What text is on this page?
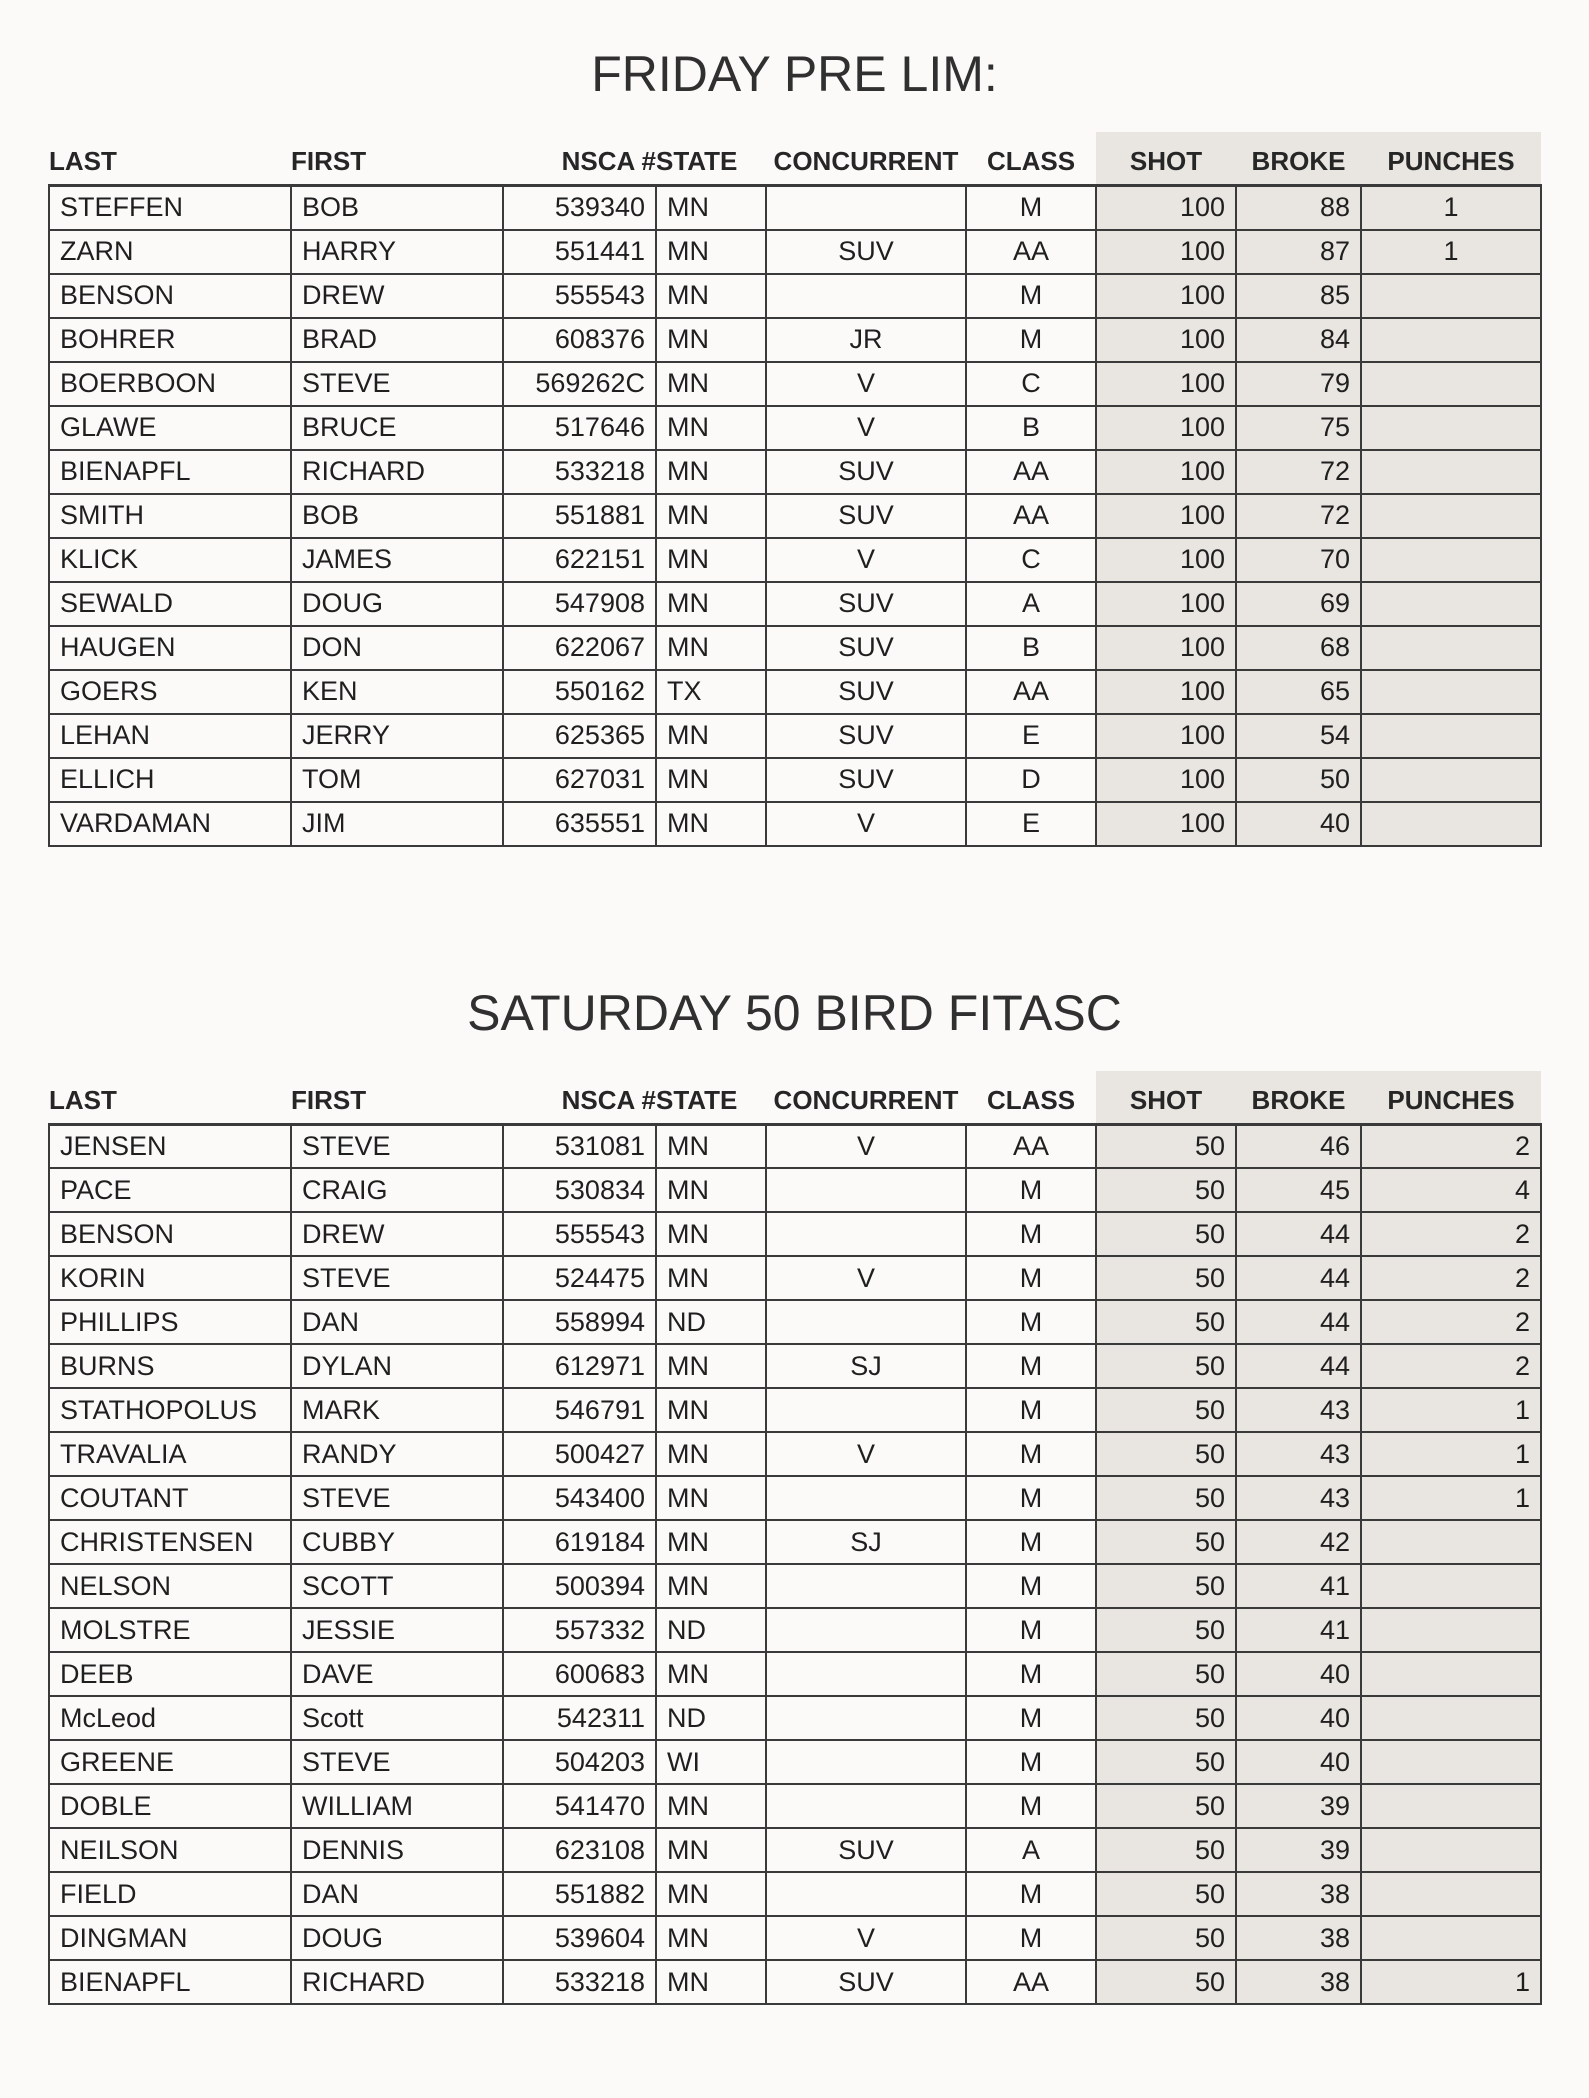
FRIDAY PRE LIM:
LAST	FIRST	NSCA #	STATE	CONCURRENT	CLASS	SHOT	BROKE	PUNCHES
STEFFEN	BOB	539340	MN		M	100	88	1
ZARN	HARRY	551441	MN	SUV	AA	100	87	1
BENSON	DREW	555543	MN		M	100	85	
BOHRER	BRAD	608376	MN	JR	M	100	84	
BOERBOON	STEVE	569262C	MN	V	C	100	79	
GLAWE	BRUCE	517646	MN	V	B	100	75	
BIENAPFL	RICHARD	533218	MN	SUV	AA	100	72	
SMITH	BOB	551881	MN	SUV	AA	100	72	
KLICK	JAMES	622151	MN	V	C	100	70	
SEWALD	DOUG	547908	MN	SUV	A	100	69	
HAUGEN	DON	622067	MN	SUV	B	100	68	
GOERS	KEN	550162	TX	SUV	AA	100	65	
LEHAN	JERRY	625365	MN	SUV	E	100	54	
ELLICH	TOM	627031	MN	SUV	D	100	50	
VARDAMAN	JIM	635551	MN	V	E	100	40	
SATURDAY 50 BIRD FITASC
LAST	FIRST	NSCA #	STATE	CONCURRENT	CLASS	SHOT	BROKE	PUNCHES
JENSEN	STEVE	531081	MN	V	AA	50	46	2
PACE	CRAIG	530834	MN		M	50	45	4
BENSON	DREW	555543	MN		M	50	44	2
KORIN	STEVE	524475	MN	V	M	50	44	2
PHILLIPS	DAN	558994	ND		M	50	44	2
BURNS	DYLAN	612971	MN	SJ	M	50	44	2
STATHOPOLUS	MARK	546791	MN		M	50	43	1
TRAVALIA	RANDY	500427	MN	V	M	50	43	1
COUTANT	STEVE	543400	MN		M	50	43	1
CHRISTENSEN	CUBBY	619184	MN	SJ	M	50	42	
NELSON	SCOTT	500394	MN		M	50	41	
MOLSTRE	JESSIE	557332	ND		M	50	41	
DEEB	DAVE	600683	MN		M	50	40	
McLeod	Scott	542311	ND		M	50	40	
GREENE	STEVE	504203	WI		M	50	40	
DOBLE	WILLIAM	541470	MN		M	50	39	
NEILSON	DENNIS	623108	MN	SUV	A	50	39	
FIELD	DAN	551882	MN		M	50	38	
DINGMAN	DOUG	539604	MN	V	M	50	38	
BIENAPFL	RICHARD	533218	MN	SUV	AA	50	38	1
